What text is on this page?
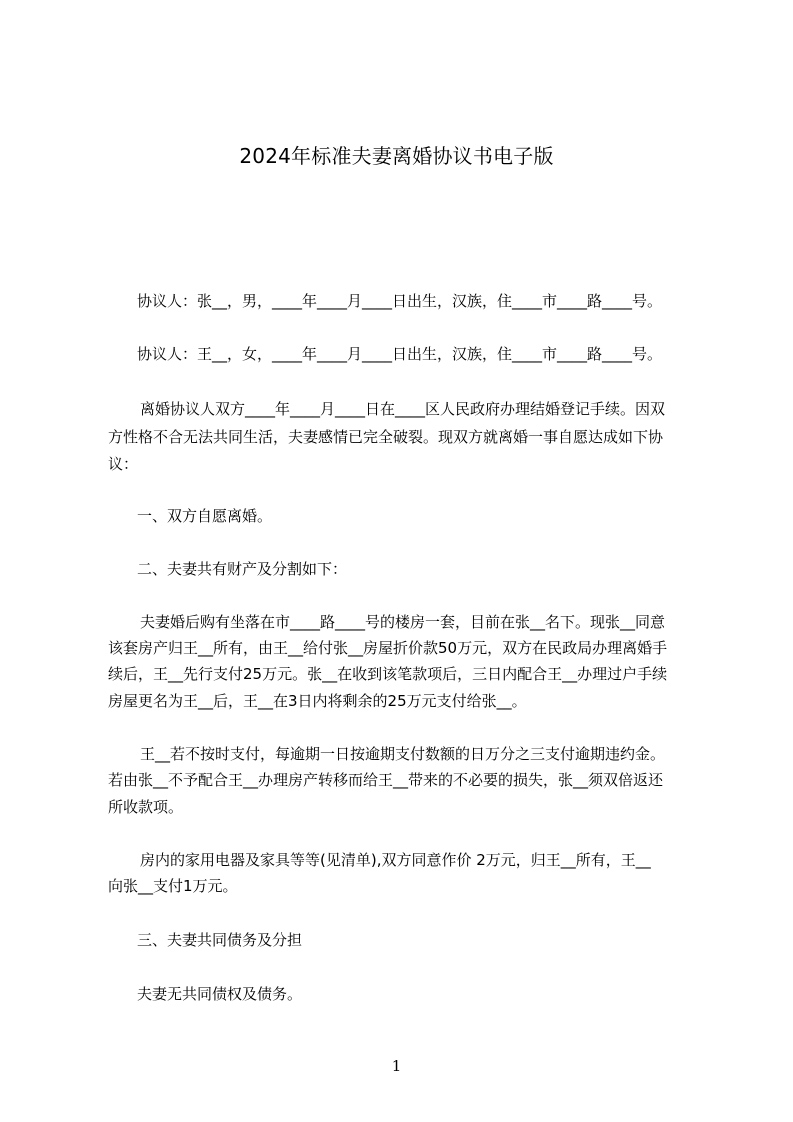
2024年标准夫妻离婚协议书电子版
协议人：张__，男，____年____月____日出生，汉族，住____市____路____号。
协议人：王__，女，____年____月____日出生，汉族，住____市____路____号。
离婚协议人双方____年____月____日在____区人民政府办理结婚登记手续。因双
方性格不合无法共同生活，夫妻感情已完全破裂。现双方就离婚一事自愿达成如下协
议：
一、双方自愿离婚。
二、夫妻共有财产及分割如下：
夫妻婚后购有坐落在市____路____号的楼房一套，目前在张__名下。现张__同意
该套房产归王__所有，由王__给付张__房屋折价款50万元，双方在民政局办理离婚手
续后，王__先行支付25万元。张__在收到该笔款项后，三日内配合王__办理过户手续
房屋更名为王__后，王__在3日内将剩余的25万元支付给张__。
王__若不按时支付，每逾期一日按逾期支付数额的日万分之三支付逾期违约金。
若由张__不予配合王__办理房产转移而给王__带来的不必要的损失，张__须双倍返还
所收款项。
房内的家用电器及家具等等(见清单),双方同意作价 2万元，归王__所有，王__
向张__支付1万元。
三、夫妻共同债务及分担
夫妻无共同债权及债务。
1
